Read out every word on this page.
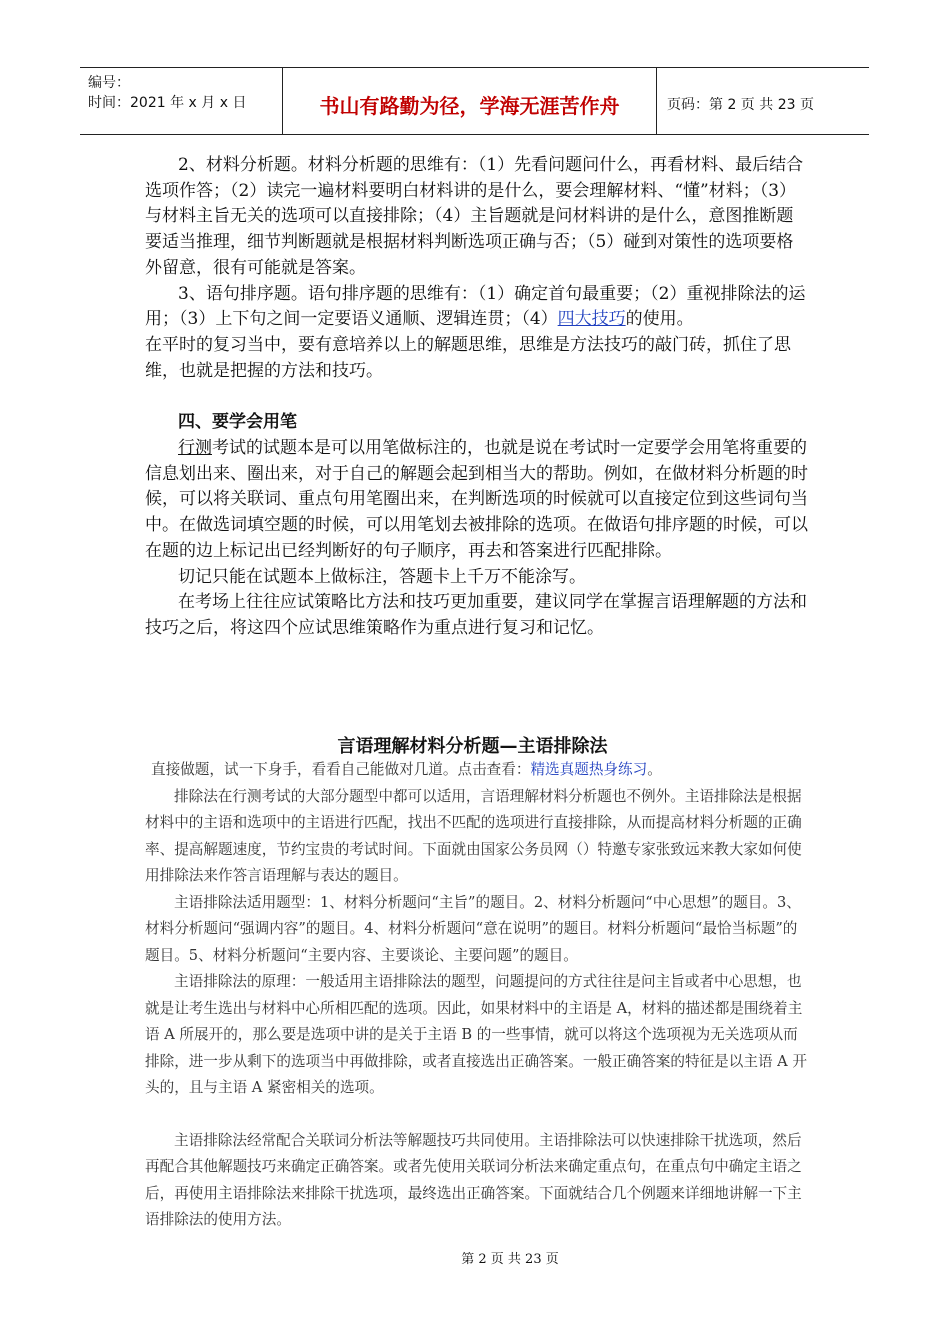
编号：
时间：2021 年 x 月 x 日	书山有路勤为径，学海无涯苦作舟	页码：第 2 页 共 23 页

2、材料分析题。材料分析题的思维有：（1）先看问题问什么，再看材料、最后结合选项作答；（2）读完一遍材料要明白材料讲的是什么，要会理解材料、“懂”材料；（3）与材料主旨无关的选项可以直接排除；（4）主旨题就是问材料讲的是什么，意图推断题要适当推理，细节判断题就是根据材料判断选项正确与否；（5）碰到对策性的选项要格外留意，很有可能就是答案。

3、语句排序题。语句排序题的思维有：（1）确定首句最重要；（2）重视排除法的运用；（3）上下句之间一定要语义通顺、逻辑连贯；（4）四大技巧的使用。

在平时的复习当中，要有意培养以上的解题思维，思维是方法技巧的敲门砖，抓住了思维，也就是把握的方法和技巧。

四、要学会用笔

行测考试的试题本是可以用笔做标注的，也就是说在考试时一定要学会用笔将重要的信息划出来、圈出来，对于自己的解题会起到相当大的帮助。例如，在做材料分析题的时候，可以将关联词、重点句用笔圈出来，在判断选项的时候就可以直接定位到这些词句当中。在做选词填空题的时候，可以用笔划去被排除的选项。在做语句排序题的时候，可以在题的边上标记出已经判断好的句子顺序，再去和答案进行匹配排除。

切记只能在试题本上做标注，答题卡上千万不能涂写。

在考场上往往应试策略比方法和技巧更加重要，建议同学在掌握言语理解题的方法和技巧之后，将这四个应试思维策略作为重点进行复习和记忆。

言语理解材料分析题—主语排除法

直接做题，试一下身手，看看自己能做对几道。点击查看：精选真题热身练习。

排除法在行测考试的大部分题型中都可以适用，言语理解材料分析题也不例外。主语排除法是根据材料中的主语和选项中的主语进行匹配，找出不匹配的选项进行直接排除，从而提高材料分析题的正确率、提高解题速度，节约宝贵的考试时间。下面就由国家公务员网（）特邀专家张致远来教大家如何使用排除法来作答言语理解与表达的题目。

主语排除法适用题型：1、材料分析题问“主旨”的题目。2、材料分析题问“中心思想”的题目。3、材料分析题问“强调内容”的题目。4、材料分析题问“意在说明”的题目。材料分析题问“最恰当标题”的题目。5、材料分析题问“主要内容、主要谈论、主要问题”的题目。

主语排除法的原理：一般适用主语排除法的题型，问题提问的方式往往是问主旨或者中心思想，也就是让考生选出与材料中心所相匹配的选项。因此，如果材料中的主语是 A，材料的描述都是围绕着主语 A 所展开的，那么要是选项中讲的是关于主语 B 的一些事情，就可以将这个选项视为无关选项从而排除，进一步从剩下的选项当中再做排除，或者直接选出正确答案。一般正确答案的特征是以主语 A 开头的，且与主语 A 紧密相关的选项。

主语排除法经常配合关联词分析法等解题技巧共同使用。主语排除法可以快速排除干扰选项，然后再配合其他解题技巧来确定正确答案。或者先使用关联词分析法来确定重点句，在重点句中确定主语之后，再使用主语排除法来排除干扰选项，最终选出正确答案。下面就结合几个例题来详细地讲解一下主语排除法的使用方法。

第 2 页 共 23 页
